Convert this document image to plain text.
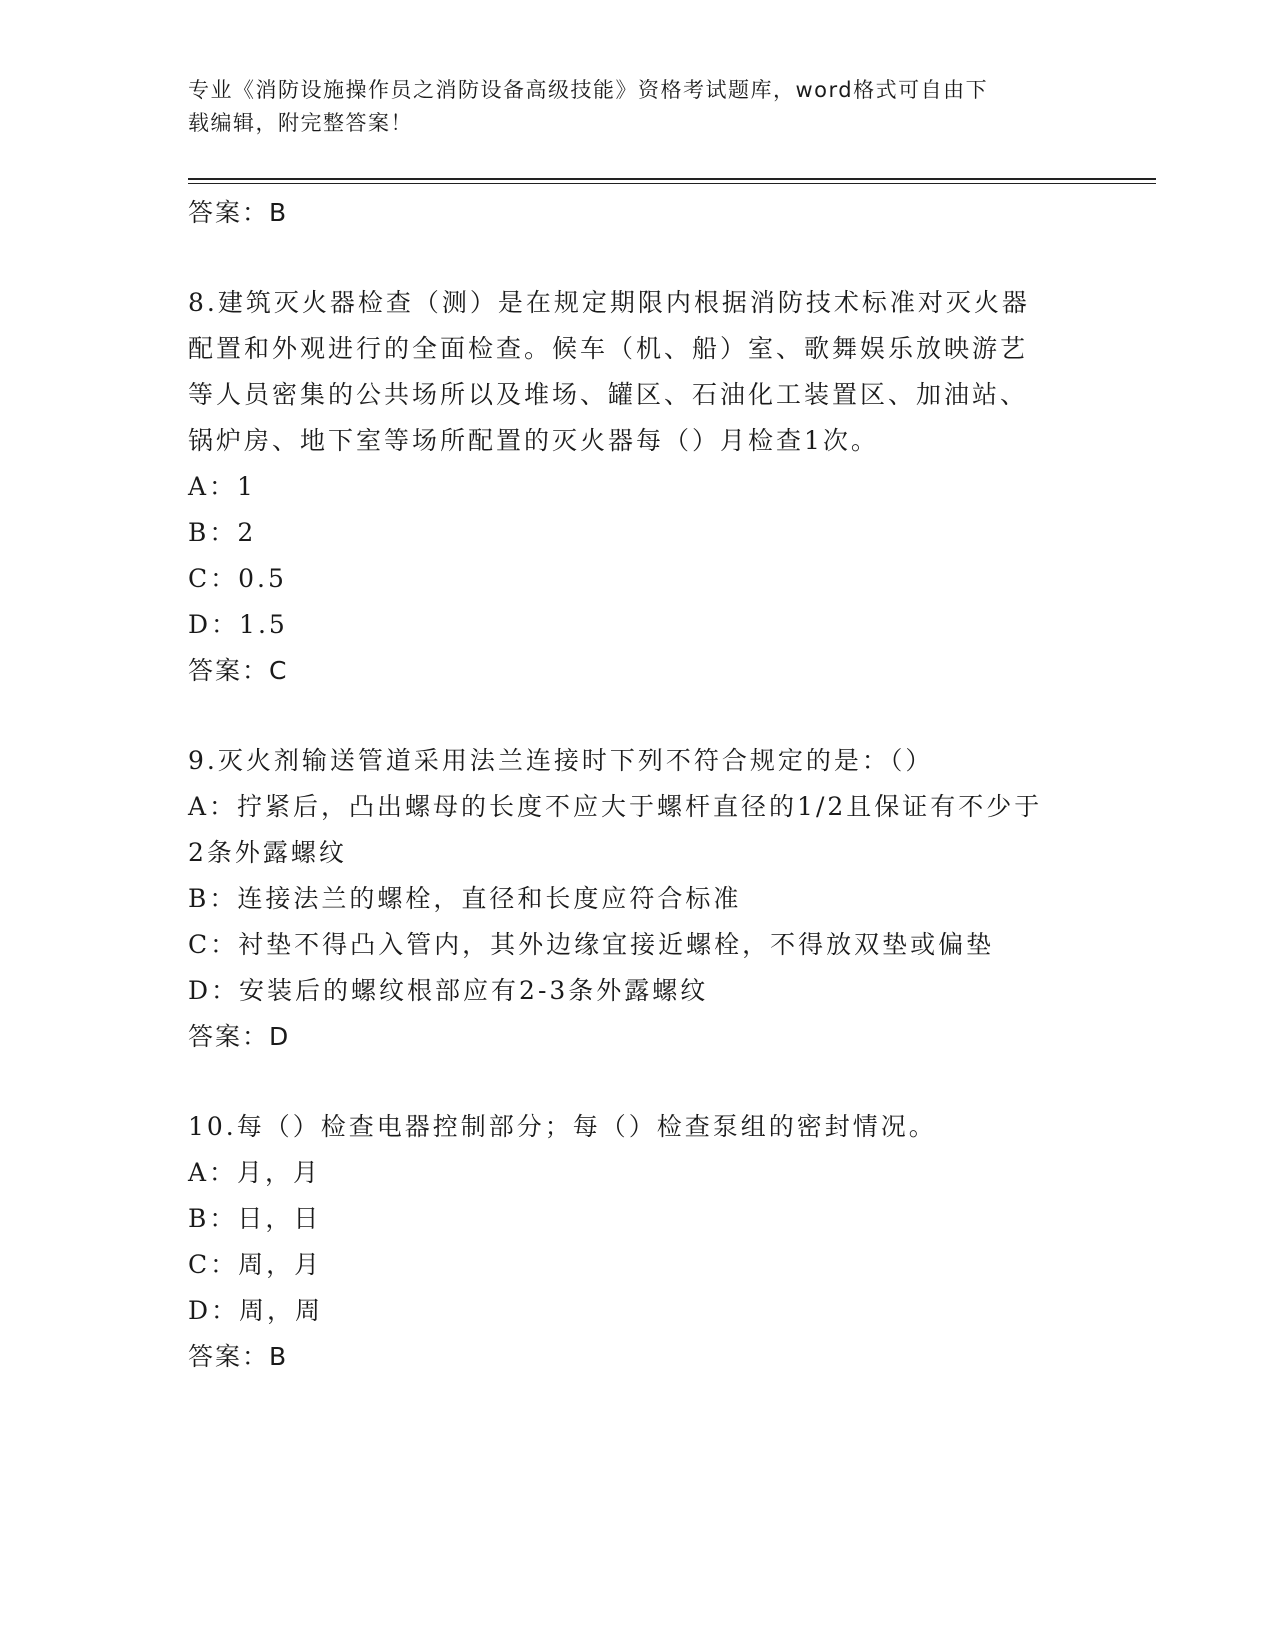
专业《消防设施操作员之消防设备高级技能》资格考试题库，word格式可自由下
载编辑，附完整答案！
答案：B
8.建筑灭火器检查（测）是在规定期限内根据消防技术标准对灭火器
配置和外观进行的全面检查。候车（机、船）室、歌舞娱乐放映游艺
等人员密集的公共场所以及堆场、罐区、石油化工装置区、加油站、
锅炉房、地下室等场所配置的灭火器每（）月检查1次。
A：1
B：2
C：0.5
D：1.5
答案：C
9.灭火剂输送管道采用法兰连接时下列不符合规定的是：（）
A：拧紧后，凸出螺母的长度不应大于螺杆直径的1/2且保证有不少于
2条外露螺纹
B：连接法兰的螺栓，直径和长度应符合标准
C：衬垫不得凸入管内，其外边缘宜接近螺栓，不得放双垫或偏垫
D：安装后的螺纹根部应有2-3条外露螺纹
答案：D
10.每（）检查电器控制部分；每（）检查泵组的密封情况。
A：月，月
B：日，日
C：周，月
D：周，周
答案：B
